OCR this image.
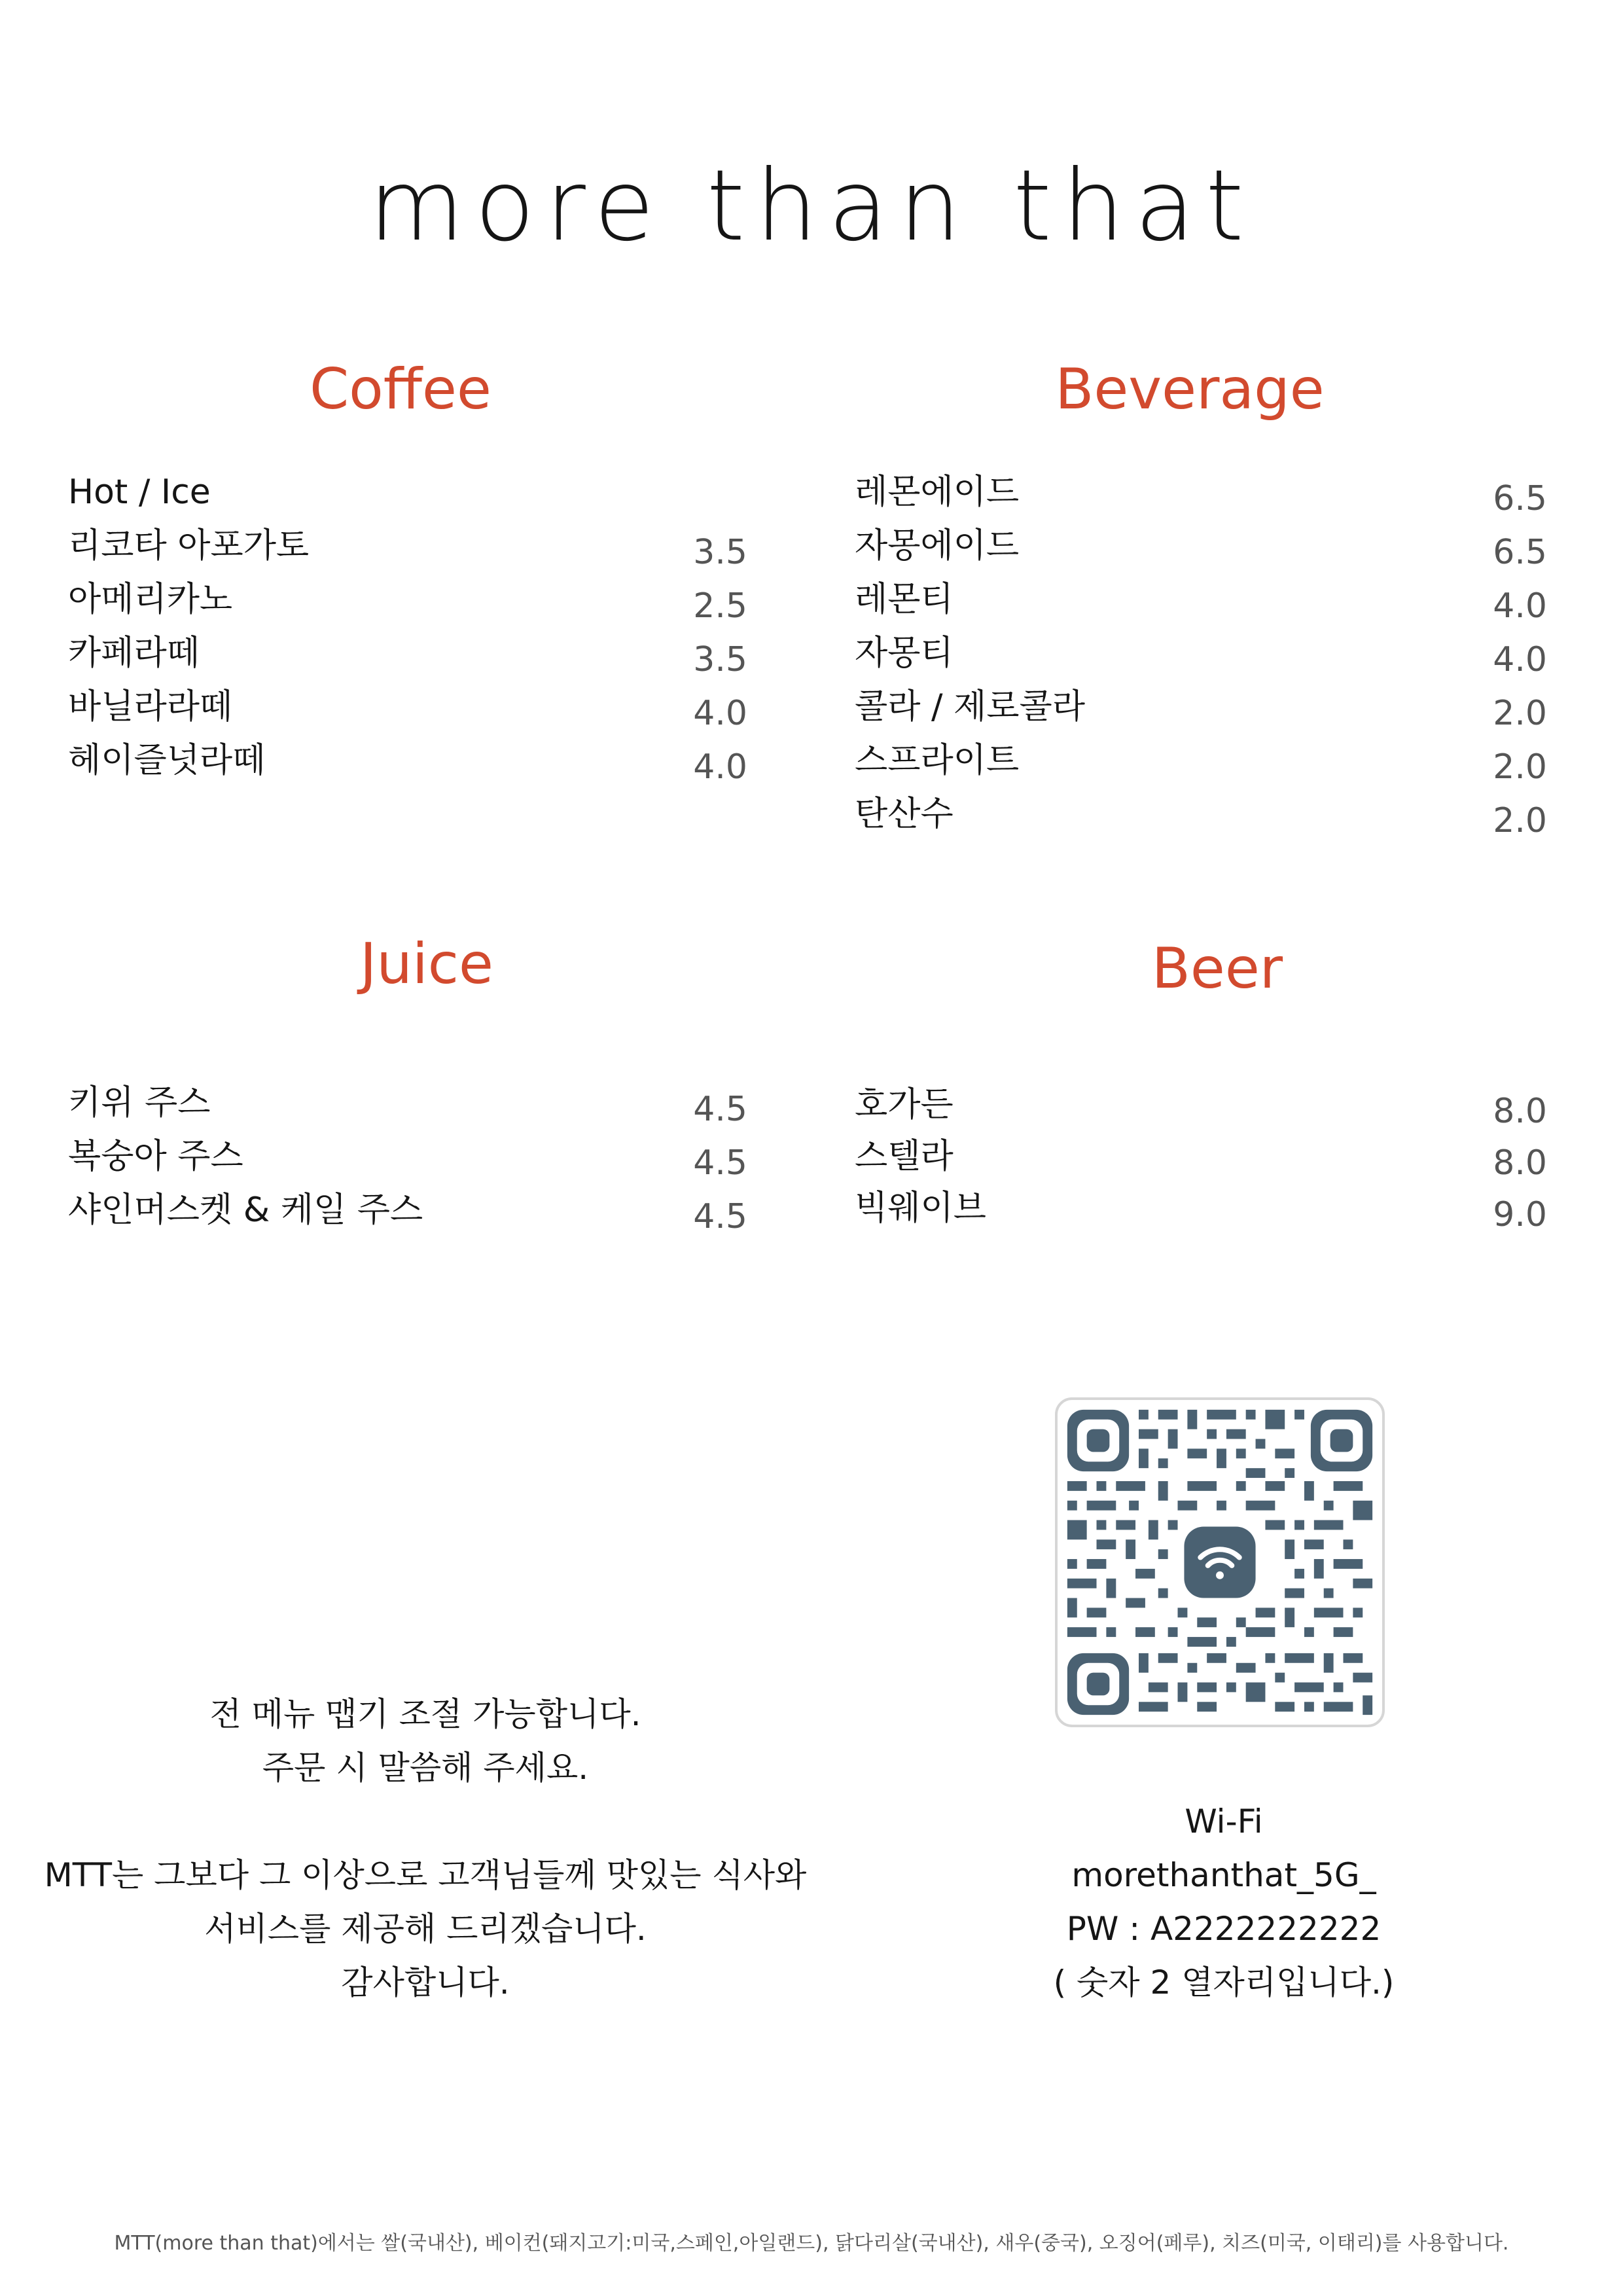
more than that
Coffee	Beverage
Juice	Beer
Hot / Ice
리코타 아포가토	3.5
아메리카노	2.5
카페라떼	3.5
바닐라라떼	4.0
헤이즐넛라떼	4.0
레몬에이드	6.5
자몽에이드	6.5
레몬티	4.0
자몽티	4.0
콜라 / 제로콜라	2.0
스프라이트	2.0
탄산수	2.0
키위 주스	4.5
복숭아 주스	4.5
샤인머스켓 & 케일 주스	4.5
호가든	8.0
스텔라	8.0
빅웨이브	9.0
전 메뉴 맵기 조절 가능합니다.
주문 시 말씀해 주세요.
MTT는 그보다 그 이상으로 고객님들께 맛있는 식사와
서비스를 제공해 드리겠습니다.
감사합니다.
Wi-Fi
morethanthat_5G_
PW : A2222222222
( 숫자 2 열자리입니다.)
MTT(more than that)에서는 쌀(국내산), 베이컨(돼지고기:미국,스페인,아일랜드), 닭다리살(국내산), 새우(중국), 오징어(페루), 치즈(미국, 이태리)를 사용합니다.
